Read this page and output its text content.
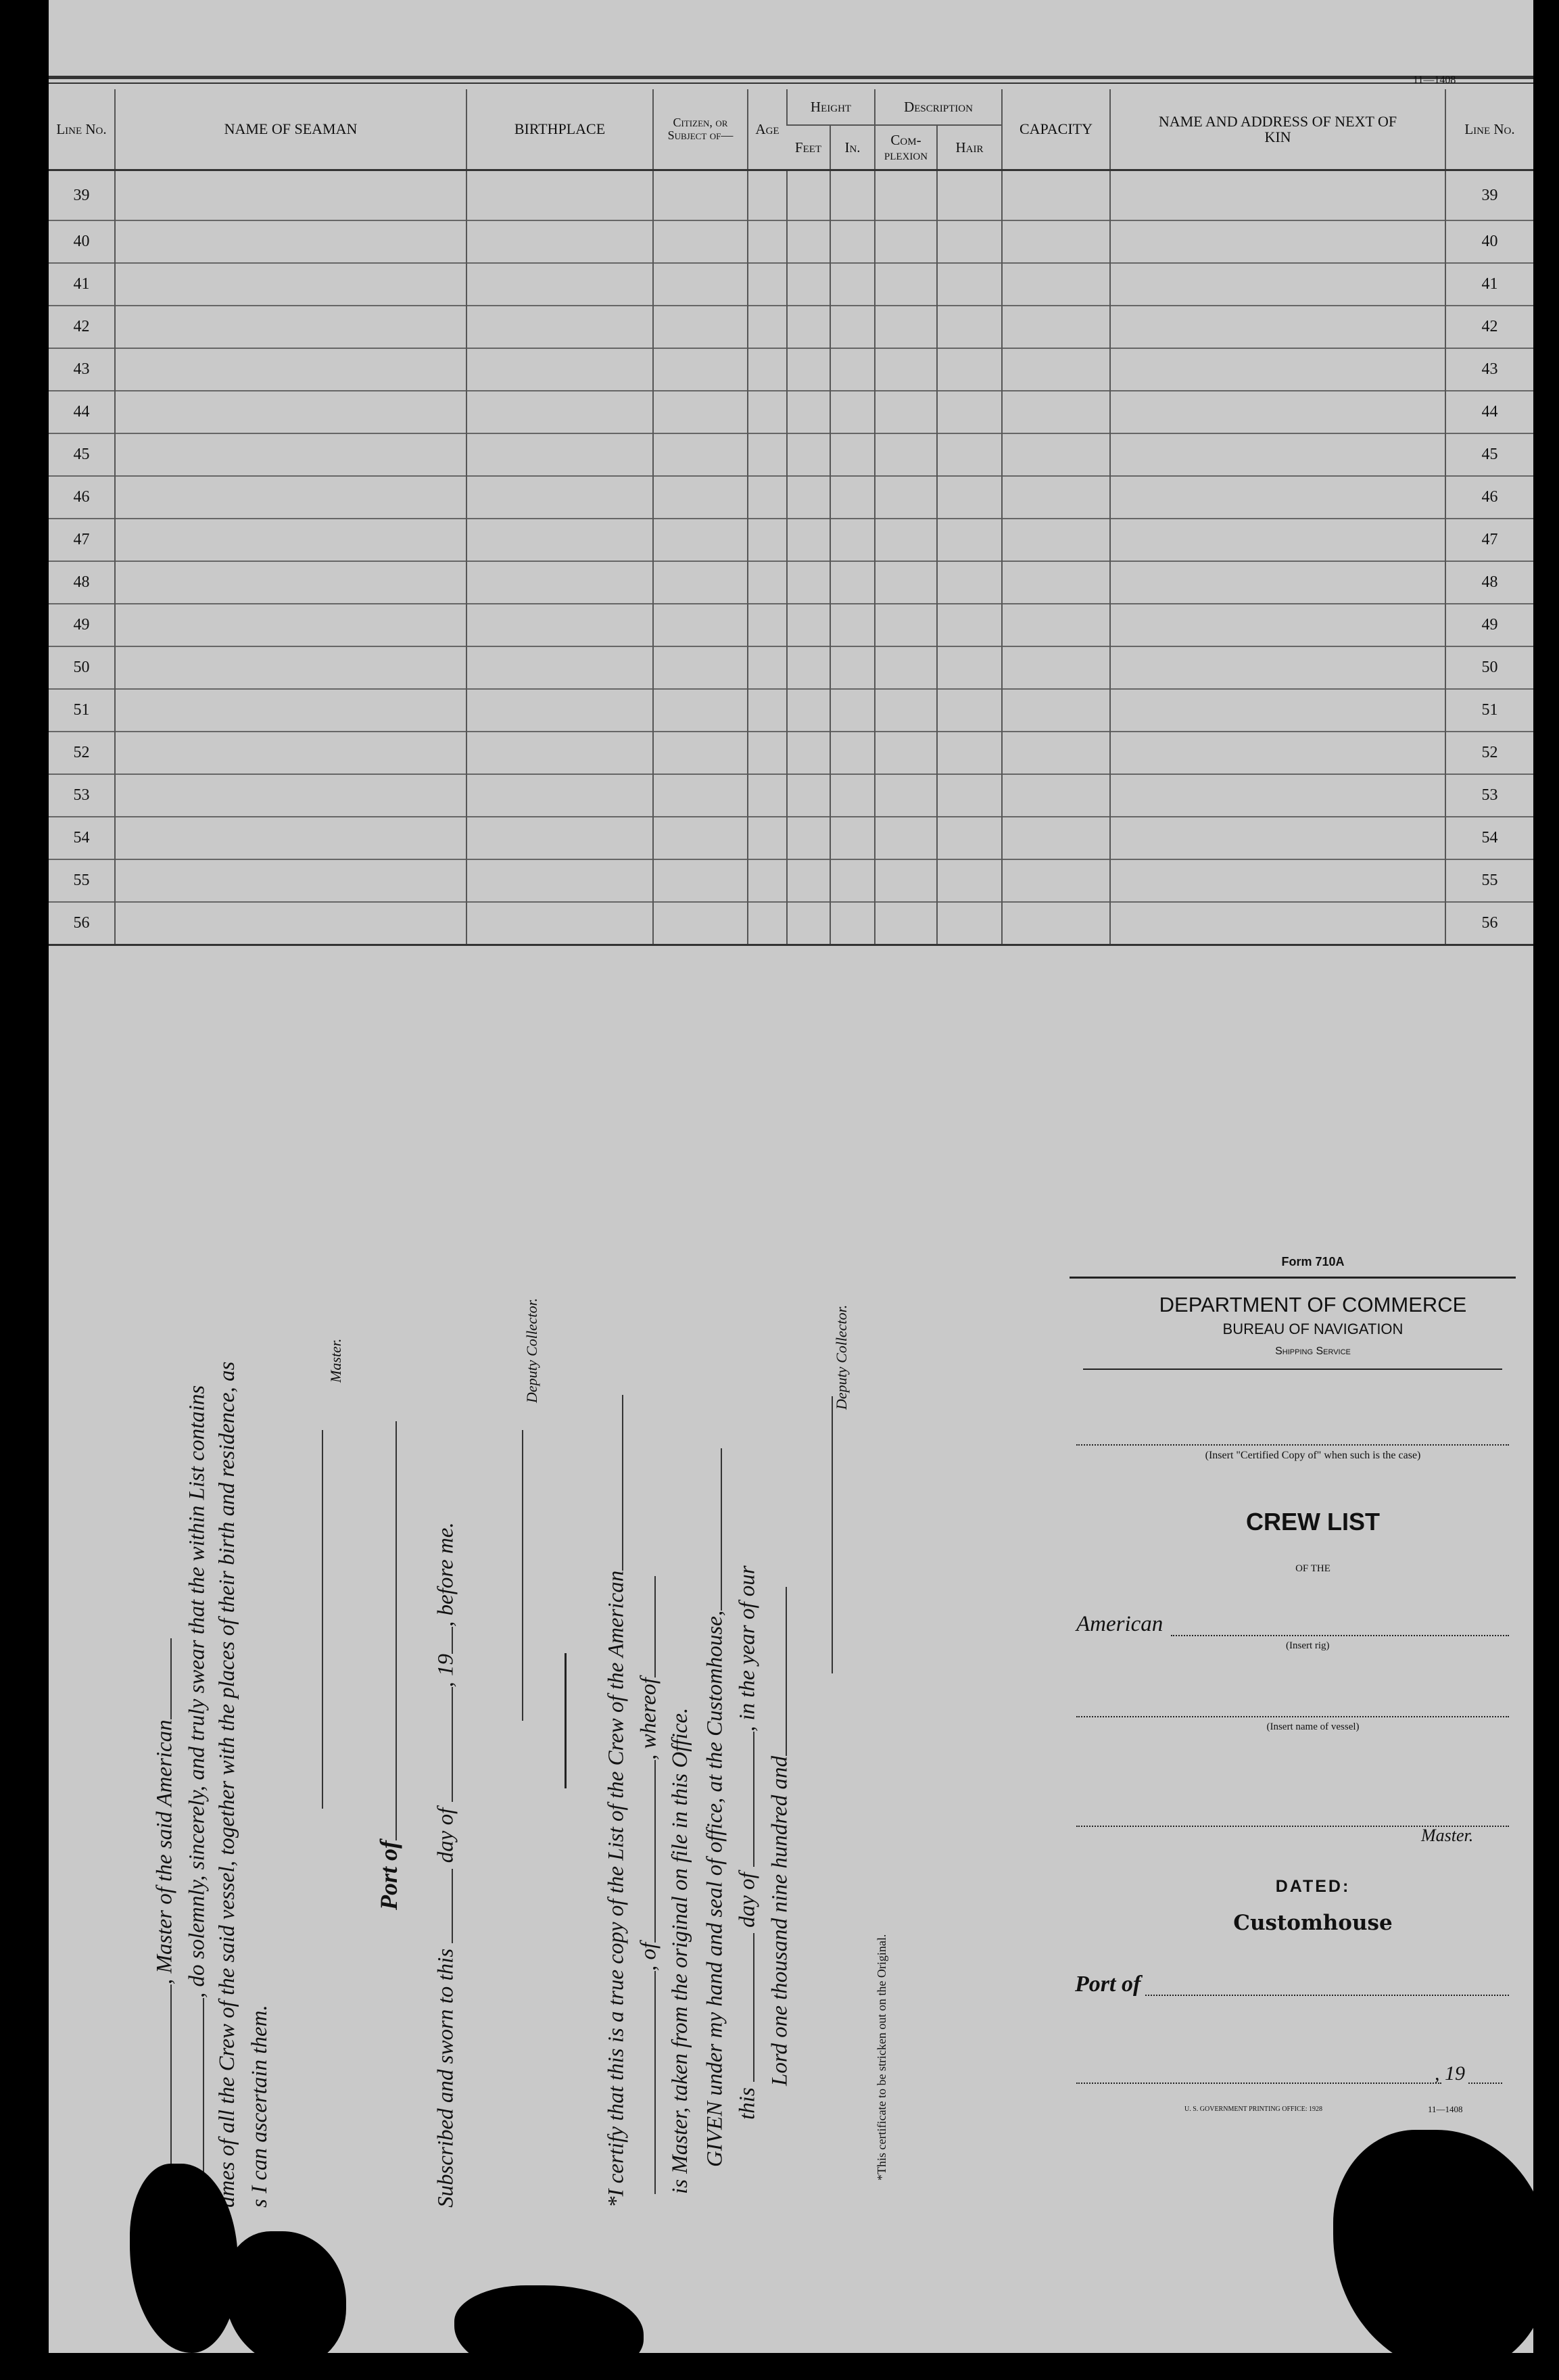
11—1408
Line No.	NAME OF SEAMAN	BIRTHPLACE	Citizen, or Subject of—	Age	Height		Description		CAPACITY	NAME AND ADDRESS OF NEXT OF KIN	Line No.
					Feet	In.	Com- plexion	Hair			
39											39
40											40
41											41
42											42
43											43
44											44
45											45
46											46
47											47
48											48
49											49
50											50
51											51
52											52
53											53
54											54
55											55
56											56
, Master of the said American , do solemnly, sincerely, and truly swear that the within List contains ames of all the Crew of the said vessel, together with the places of their birth and residence, as s I can ascertain them.
Master.
Port of
Subscribed and sworn to this  day of , 19, before me.
Deputy Collector.
*I certify that this is a true copy of the List of the Crew of the American , of, whereof is Master, taken from the original on file in this Office. GIVEN under my hand and seal of office, at the Customhouse, this  day of , in the year of our
Lord one thousand nine hundred and
Deputy Collector.
*This certificate to be stricken out on the Original.
Form 710A
DEPARTMENT OF COMMERCE
BUREAU OF NAVIGATION
Shipping Service
(Insert "Certified Copy of" when such is the case)
CREW LIST
OF THE
American
(Insert rig)
(Insert name of vessel)
Master.
DATED:
Customhouse
Port of
, 19
U. S. GOVERNMENT PRINTING OFFICE: 1928	11—1408
